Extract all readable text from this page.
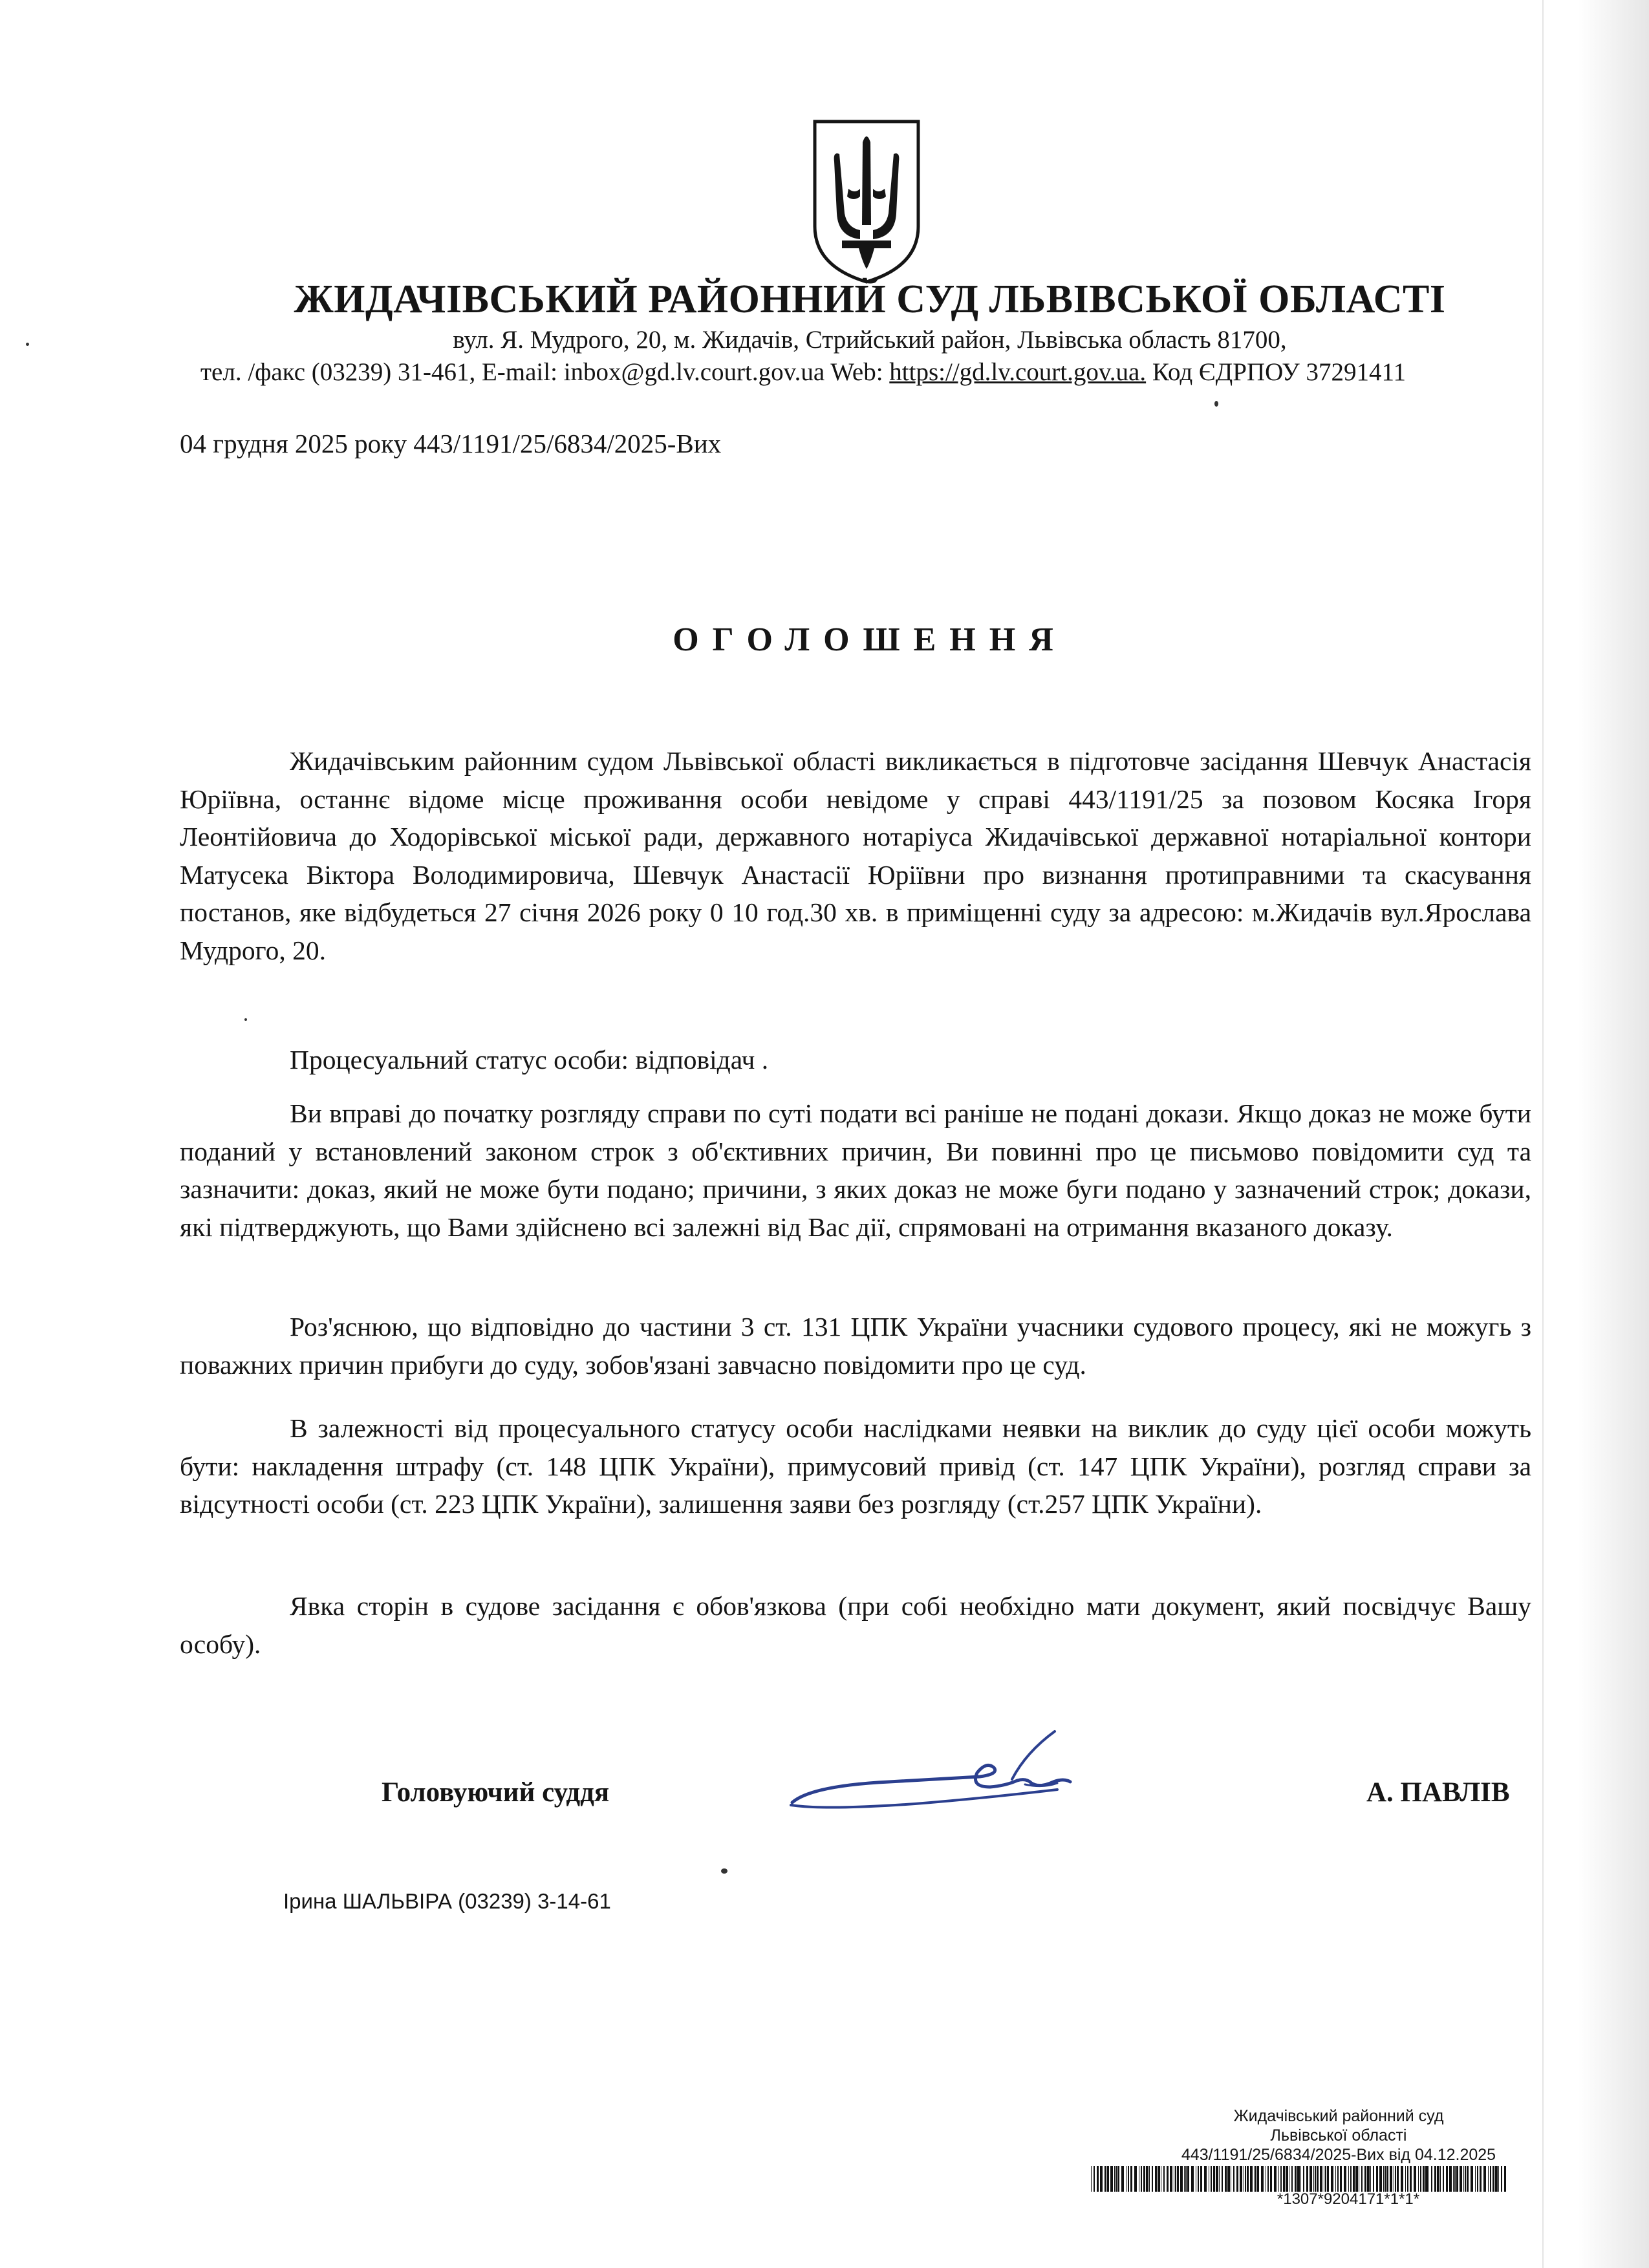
ЖИДАЧІВСЬКИЙ РАЙОННИЙ СУД ЛЬВІВСЬКОЇ ОБЛАСТІ
вул. Я. Мудрого, 20, м. Жидачів, Стрийський район, Львівська область 81700,
тел. /факс (03239) 31-461, E-mail: inbox@gd.lv.court.gov.ua Web: https://gd.lv.court.gov.ua. Код ЄДРПОУ 37291411
04 грудня 2025 року 443/1191/25/6834/2025-Вих
ОГОЛОШЕННЯ

Жидачівським районним судом Львівської області викликається в підготовче засідання Шевчук Анастасія Юріївна, останнє відоме місце проживання особи невідоме у справі 443/1191/25 за позовом Косяка Ігоря Леонтійовича до Ходорівської міської ради, державного нотаріуса Жидачівської державної нотаріальної контори Матусека Віктора Володимировича, Шевчук Анастасії Юріївни про визнання протиправними та скасування постанов, яке відбудеться 27 січня 2026 року 0 10 год.30 хв. в приміщенні суду за адресою: м.Жидачів вул.Ярослава Мудрого, 20.

Процесуальний статус особи: відповідач .

Ви вправі до початку розгляду справи по суті подати всі раніше не подані докази. Якщо доказ не може бути поданий у встановлений законом строк з об'єктивних причин, Ви повинні про це письмово повідомити суд та зазначити: доказ, який не може бути подано; причини, з яких доказ не може буги подано у зазначений строк; докази, які підтверджують, що Вами здійснено всі залежні від Вас дії, спрямовані на отримання вказаного доказу.

Роз'яснюю, що відповідно до частини 3 ст. 131 ЦПК України учасники судового процесу, які не можугь з поважних причин прибуги до суду, зобов'язані завчасно повідомити про це суд.

В залежності від процесуального статусу особи наслідками неявки на виклик до суду цієї особи можуть бути: накладення штрафу (ст. 148 ЦПК України), примусовий привід (ст. 147 ЦПК України), розгляд справи за відсутності особи (ст. 223 ЦПК України), залишення заяви без розгляду (ст.257 ЦПК України).

Явка сторін в судове засідання є обов'язкова (при собі необхідно мати документ, який посвідчує Вашу особу).

Головуючий суддя	А. ПАВЛІВ
Ірина ШАЛЬВІРА (03239) 3-14-61
Жидачівський районний суд
Львівської області
443/1191/25/6834/2025-Вих від 04.12.2025
*1307*9204171*1*1*
